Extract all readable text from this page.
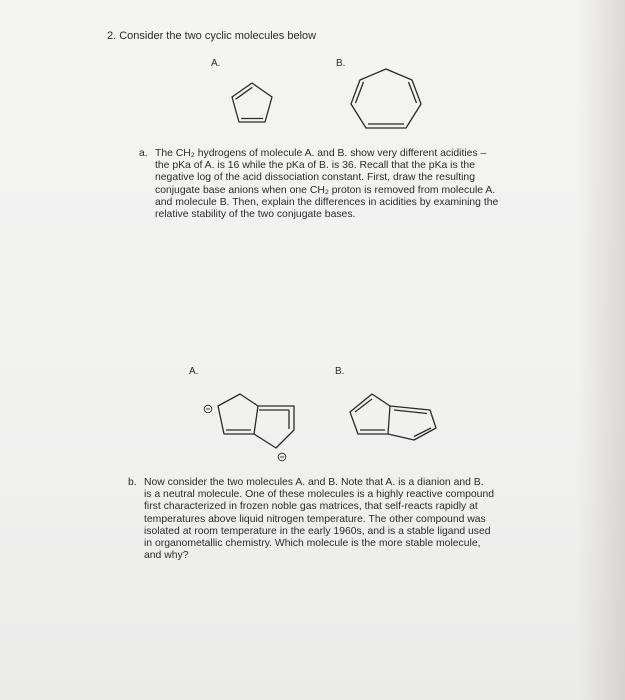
2. Consider the two cyclic molecules below
A.	B.
a. The CH₂ hydrogens of molecule A. and B. show very different acidities –
the pKa of A. is 16 while the pKa of B. is 36. Recall that the pKa is the
negative log of the acid dissociation constant. First, draw the resulting
conjugate base anions when one CH₂ proton is removed from molecule A.
and molecule B. Then, explain the differences in acidities by examining the
relative stability of the two conjugate bases.
A.	B.
b. Now consider the two molecules A. and B. Note that A. is a dianion and B.
is a neutral molecule. One of these molecules is a highly reactive compound
first characterized in frozen noble gas matrices, that self-reacts rapidly at
temperatures above liquid nitrogen temperature. The other compound was
isolated at room temperature in the early 1960s, and is a stable ligand used
in organometallic chemistry. Which molecule is the more stable molecule,
and why?
